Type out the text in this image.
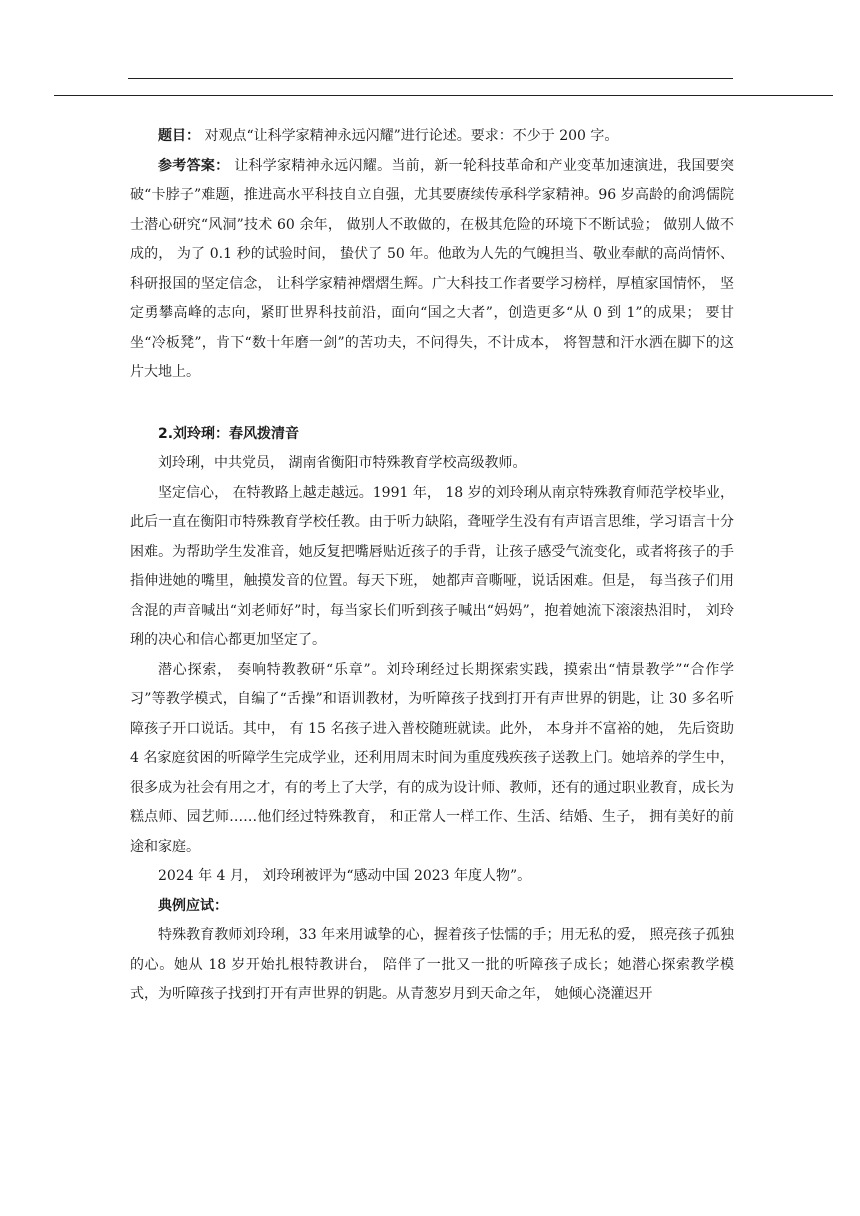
题目： 对观点“让科学家精神永远闪耀”进行论述。要求：不少于 200 字。

参考答案： 让科学家精神永远闪耀。当前，新一轮科技革命和产业变革加速演进，我国要突破“卡脖子”难题，推进高水平科技自立自强，尤其要赓续传承科学家精神。96 岁高龄的俞鸿儒院士潜心研究“风洞”技术 60 余年， 做别人不敢做的，在极其危险的环境下不断试验； 做别人做不成的， 为了 0.1 秒的试验时间， 蛰伏了 50 年。他敢为人先的气魄担当、敬业奉献的高尚情怀、科研报国的坚定信念， 让科学家精神熠熠生辉。广大科技工作者要学习榜样，厚植家国情怀， 坚定勇攀高峰的志向，紧盯世界科技前沿，面向“国之大者”，创造更多“从 0 到 1”的成果； 要甘坐“冷板凳”，肯下“数十年磨一剑”的苦功夫，不问得失，不计成本， 将智慧和汗水洒在脚下的这片大地上。

2.刘玲琍：春风拨清音

刘玲琍，中共党员， 湖南省衡阳市特殊教育学校高级教师。

坚定信心， 在特教路上越走越远。1991 年， 18 岁的刘玲琍从南京特殊教育师范学校毕业， 此后一直在衡阳市特殊教育学校任教。由于听力缺陷，聋哑学生没有有声语言思维，学习语言十分困难。为帮助学生发准音，她反复把嘴唇贴近孩子的手背，让孩子感受气流变化，或者将孩子的手指伸进她的嘴里，触摸发音的位置。每天下班， 她都声音嘶哑，说话困难。但是， 每当孩子们用含混的声音喊出“刘老师好”时，每当家长们听到孩子喊出“妈妈”，抱着她流下滚滚热泪时， 刘玲琍的决心和信心都更加坚定了。

潜心探索， 奏响特教教研“乐章”。刘玲琍经过长期探索实践，摸索出“情景教学”“合作学习”等教学模式，自编了“舌操”和语训教材，为听障孩子找到打开有声世界的钥匙，让 30 多名听障孩子开口说话。其中， 有 15 名孩子进入普校随班就读。此外， 本身并不富裕的她， 先后资助 4 名家庭贫困的听障学生完成学业，还利用周末时间为重度残疾孩子送教上门。她培养的学生中，很多成为社会有用之才，有的考上了大学，有的成为设计师、教师，还有的通过职业教育，成长为糕点师、园艺师……他们经过特殊教育， 和正常人一样工作、生活、结婚、生子， 拥有美好的前途和家庭。

2024 年 4 月， 刘玲琍被评为“感动中国 2023 年度人物”。

典例应试：

特殊教育教师刘玲琍，33 年来用诚挚的心，握着孩子怯懦的手；用无私的爱， 照亮孩子孤独的心。她从 18 岁开始扎根特教讲台， 陪伴了一批又一批的听障孩子成长；她潜心探索教学模式，为听障孩子找到打开有声世界的钥匙。从青葱岁月到天命之年， 她倾心浇灌迟开
